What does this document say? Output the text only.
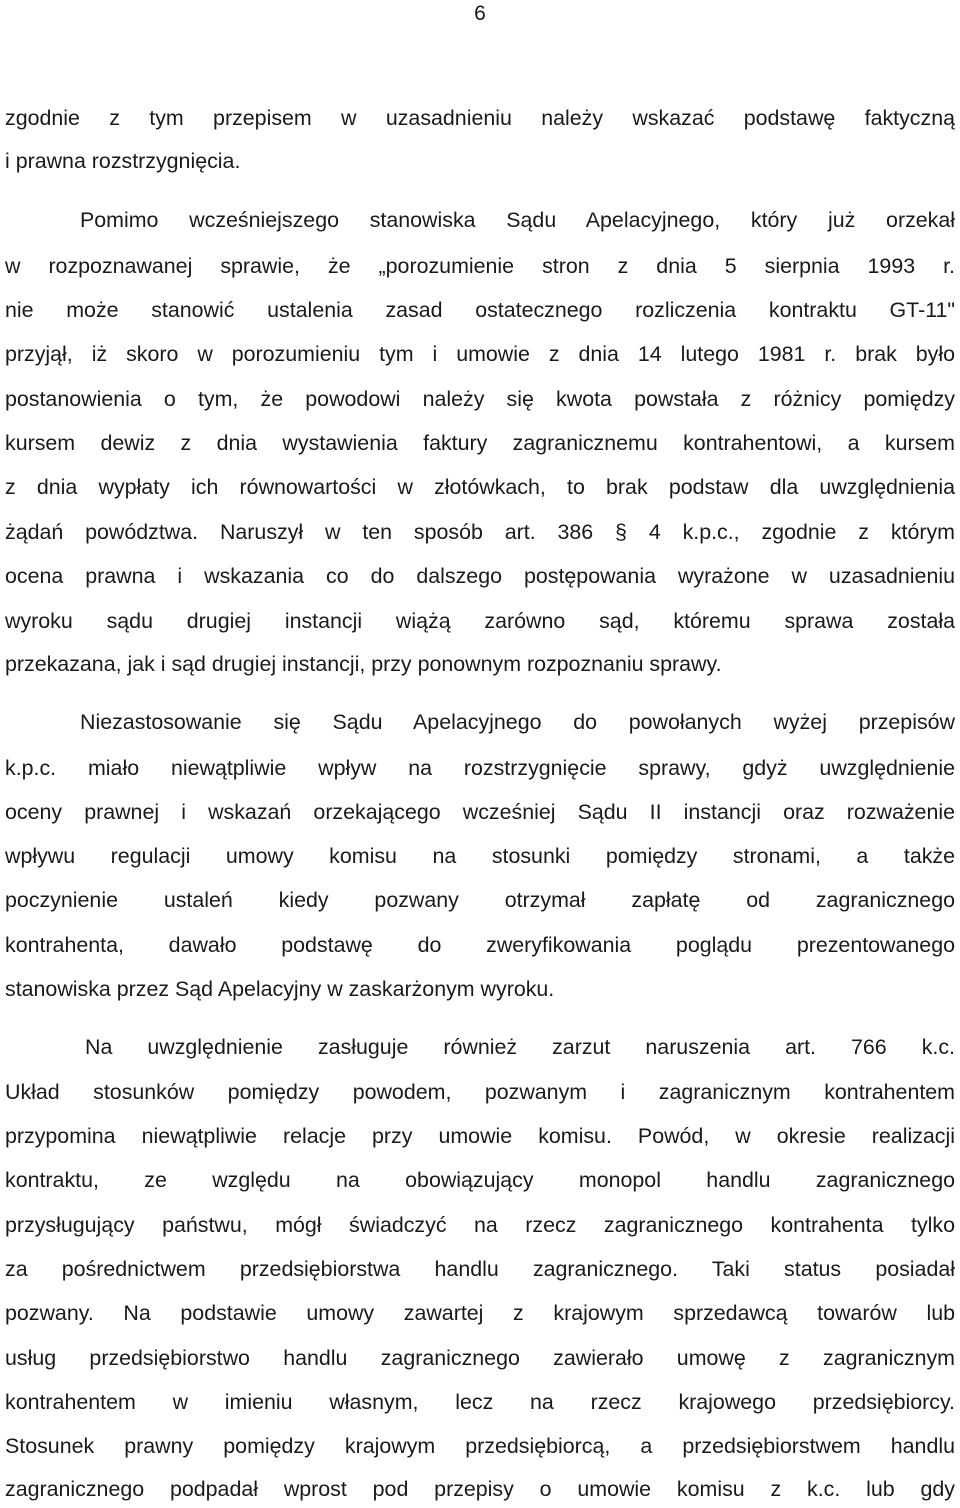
6
zgodnie z tym przepisem w uzasadnieniu należy wskazać podstawę faktyczną
i prawna rozstrzygnięcia.
Pomimo wcześniejszego stanowiska Sądu Apelacyjnego, który już orzekał
w rozpoznawanej sprawie, że „porozumienie stron z dnia 5 sierpnia 1993 r.
nie może stanowić ustalenia zasad ostatecznego rozliczenia kontraktu GT-11"
przyjął, iż skoro w porozumieniu tym i umowie z dnia 14 lutego 1981 r. brak było
postanowienia o tym, że powodowi należy się kwota powstała z różnicy pomiędzy
kursem dewiz z dnia wystawienia faktury zagranicznemu kontrahentowi, a kursem
z dnia wypłaty ich równowartości w złotówkach, to brak podstaw dla uwzględnienia
żądań powództwa. Naruszył w ten sposób art. 386 § 4 k.p.c., zgodnie z którym
ocena prawna i wskazania co do dalszego postępowania wyrażone w uzasadnieniu
wyroku sądu drugiej instancji wiążą zarówno sąd, któremu sprawa została
przekazana, jak i sąd drugiej instancji, przy ponownym rozpoznaniu sprawy.
Niezastosowanie się Sądu Apelacyjnego do powołanych wyżej przepisów
k.p.c. miało niewątpliwie wpływ na rozstrzygnięcie sprawy, gdyż uwzględnienie
oceny prawnej i wskazań orzekającego wcześniej Sądu II instancji oraz rozważenie
wpływu regulacji umowy komisu na stosunki pomiędzy stronami, a także
poczynienie ustaleń kiedy pozwany otrzymał zapłatę od zagranicznego
kontrahenta, dawało podstawę do zweryfikowania poglądu prezentowanego
stanowiska przez Sąd Apelacyjny w zaskarżonym wyroku.
Na uwzględnienie zasługuje również zarzut naruszenia art. 766 k.c.
Układ stosunków pomiędzy powodem, pozwanym i zagranicznym kontrahentem
przypomina niewątpliwie relacje przy umowie komisu. Powód, w okresie realizacji
kontraktu, ze względu na obowiązujący monopol handlu zagranicznego
przysługujący państwu, mógł świadczyć na rzecz zagranicznego kontrahenta tylko
za pośrednictwem przedsiębiorstwa handlu zagranicznego. Taki status posiadał
pozwany. Na podstawie umowy zawartej z krajowym sprzedawcą towarów lub
usług przedsiębiorstwo handlu zagranicznego zawierało umowę z zagranicznym
kontrahentem w imieniu własnym, lecz na rzecz krajowego przedsiębiorcy.
Stosunek prawny pomiędzy krajowym przedsiębiorcą, a przedsiębiorstwem handlu
zagranicznego podpadał wprost pod przepisy o umowie komisu z k.c. lub gdy
